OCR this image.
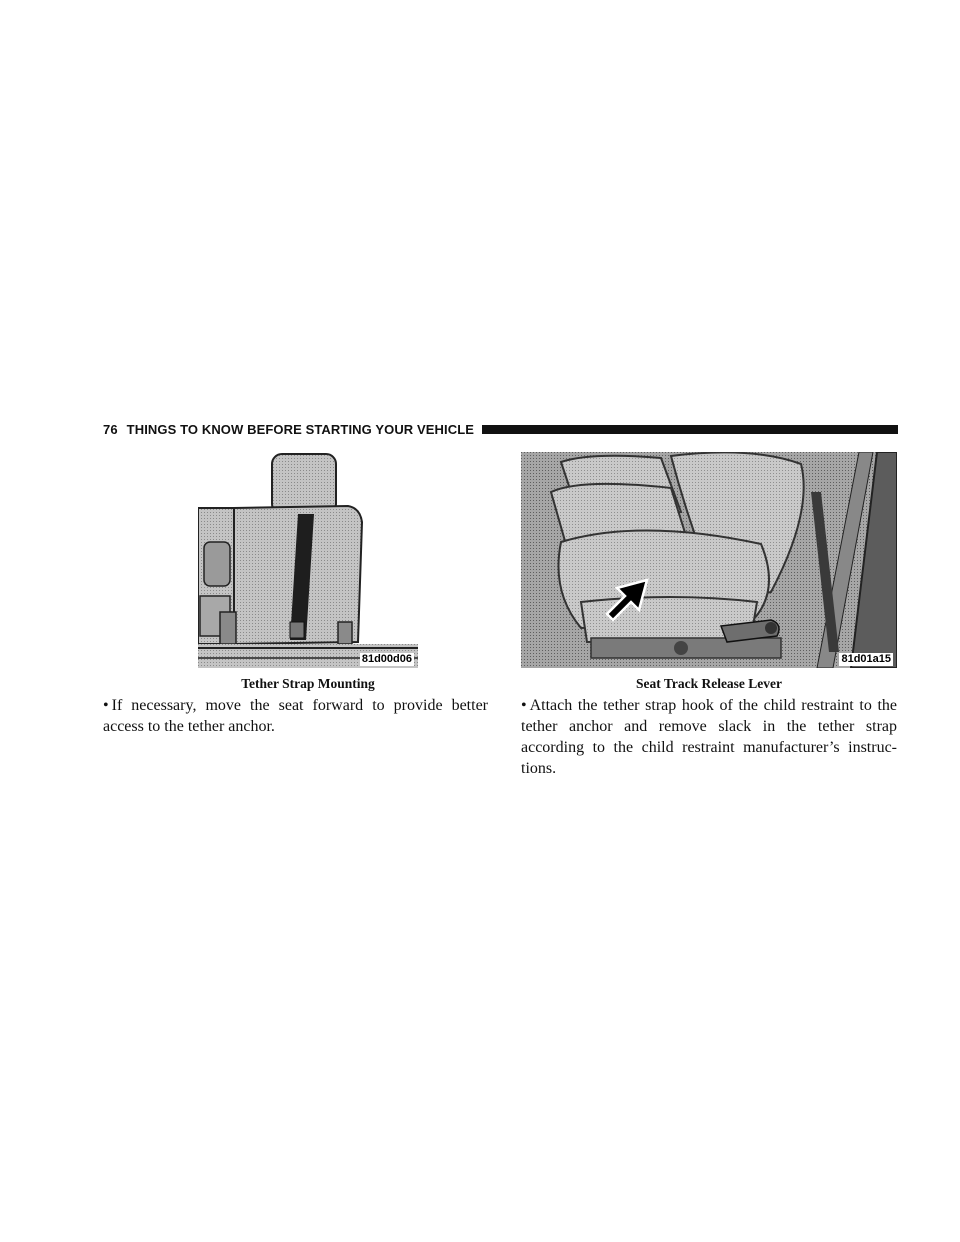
76 THINGS TO KNOW BEFORE STARTING YOUR VEHICLE
81d00d06
Tether Strap Mounting
81d01a15
Seat Track Release Lever
• If necessary, move the seat forward to provide better access to the tether anchor.
• Attach the tether strap hook of the child restraint to the tether anchor and remove slack in the tether strap according to the child restraint manufacturer’s instructions.
